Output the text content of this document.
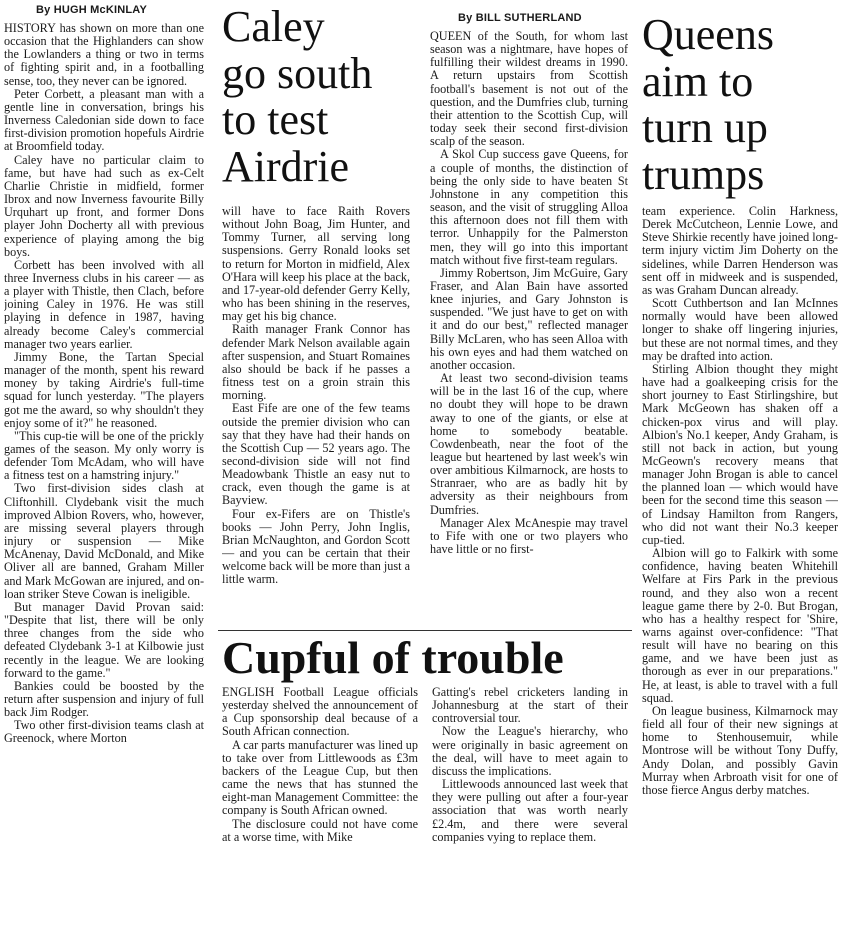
By HUGH McKINLAY Caley
go south
to test
Airdrie

HISTORY has shown on more than one occasion that the Highlanders can show the Lowlanders a thing or two in terms of fighting spirit and, in a footballing sense, too, they never can be ignored.

Peter Corbett, a pleasant man with a gentle line in conversation, brings his Inverness Caledonian side down to face first-division promotion hopefuls Airdrie at Broomfield today.

Caley have no particular claim to fame, but have had such as ex-Celt Charlie Christie in midfield, former Ibrox and now Inverness favourite Billy Urquhart up front, and former Dons player John Docherty all with previous experience of playing among the big boys.

Corbett has been involved with all three Inverness clubs in his career — as a player with Thistle, then Clach, before joining Caley in 1976. He was still playing in defence in 1987, having already become Caley's commercial manager two years earlier.

Jimmy Bone, the Tartan Special manager of the month, spent his reward money by taking Airdrie's full-time squad for lunch yesterday. "The players got me the award, so why shouldn't they enjoy some of it?" he reasoned.

"This cup-tie will be one of the prickly games of the season. My only worry is defender Tom McAdam, who will have a fitness test on a hamstring injury."

Two first-division sides clash at Cliftonhill. Clydebank visit the much improved Albion Rovers, who, however, are missing several players through injury or suspension — Mike McAnenay, David McDonald, and Mike Oliver all are banned, Graham Miller and Mark McGowan are injured, and on-loan striker Steve Cowan is ineligible.

But manager David Provan said: "Despite that list, there will be only three changes from the side who defeated Clydebank 3-1 at Kilbowie just recently in the league. We are looking forward to the game."

Bankies could be boosted by the return after suspension and injury of full back Jim Rodger.

Two other first-division teams clash at Greenock, where Morton

will have to face Raith Rovers without John Boag, Jim Hunter, and Tommy Turner, all serving long suspensions. Gerry Ronald looks set to return for Morton in midfield, Alex O'Hara will keep his place at the back, and 17-year-old defender Gerry Kelly, who has been shining in the reserves, may get his big chance.

Raith manager Frank Connor has defender Mark Nelson available again after suspension, and Stuart Romaines also should be back if he passes a fitness test on a groin strain this morning.

East Fife are one of the few teams outside the premier division who can say that they have had their hands on the Scottish Cup — 52 years ago. The second-division side will not find Meadowbank Thistle an easy nut to crack, even though the game is at Bayview.

Four ex-Fifers are on Thistle's books — John Perry, John Inglis, Brian McNaughton, and Gordon Scott — and you can be certain that their welcome back will be more than just a little warm.

By BILL SUTHERLAND Queens
aim to
turn up
trumps

QUEEN of the South, for whom last season was a nightmare, have hopes of fulfilling their wildest dreams in 1990. A return upstairs from Scottish football's basement is not out of the question, and the Dumfries club, turning their attention to the Scottish Cup, will today seek their second first-division scalp of the season.

A Skol Cup success gave Queens, for a couple of months, the distinction of being the only side to have beaten St Johnstone in any competition this season, and the visit of struggling Alloa this afternoon does not fill them with terror. Unhappily for the Palmerston men, they will go into this important match without five first-team regulars.

Jimmy Robertson, Jim McGuire, Gary Fraser, and Alan Bain have assorted knee injuries, and Gary Johnston is suspended. "We just have to get on with it and do our best," reflected manager Billy McLaren, who has seen Alloa with his own eyes and had them watched on another occasion.

At least two second-division teams will be in the last 16 of the cup, where no doubt they will hope to be drawn away to one of the giants, or else at home to somebody beatable. Cowdenbeath, near the foot of the league but heartened by last week's win over ambitious Kilmarnock, are hosts to Stranraer, who are as badly hit by adversity as their neighbours from Dumfries.

Manager Alex McAnespie may travel to Fife with one or two players who have little or no first-

team experience. Colin Harkness, Derek McCutcheon, Lennie Lowe, and Steve Shirkie recently have joined long-term injury victim Jim Doherty on the sidelines, while Darren Henderson was sent off in midweek and is suspended, as was Graham Duncan already.

Scott Cuthbertson and Ian McInnes normally would have been allowed longer to shake off lingering injuries, but these are not normal times, and they may be drafted into action.

Stirling Albion thought they might have had a goalkeeping crisis for the short journey to East Stirlingshire, but Mark McGeown has shaken off a chicken-pox virus and will play. Albion's No.1 keeper, Andy Graham, is still not back in action, but young McGeown's recovery means that manager John Brogan is able to cancel the planned loan — which would have been for the second time this season — of Lindsay Hamilton from Rangers, who did not want their No.3 keeper cup-tied.

Albion will go to Falkirk with some confidence, having beaten Whitehill Welfare at Firs Park in the previous round, and they also won a recent league game there by 2-0. But Brogan, who has a healthy respect for 'Shire, warns against over-confidence: "That result will have no bearing on this game, and we have been just as thorough as ever in our preparations." He, at least, is able to travel with a full squad.

On league business, Kilmarnock may field all four of their new signings at home to Stenhousemuir, while Montrose will be without Tony Duffy, Andy Dolan, and possibly Gavin Murray when Arbroath visit for one of those fierce Angus derby matches.

Cupful of trouble

ENGLISH Football League officials yesterday shelved the announcement of a Cup sponsorship deal because of a South African connection.

A car parts manufacturer was lined up to take over from Littlewoods as £3m backers of the League Cup, but then came the news that has stunned the eight-man Management Committee: the company is South African owned.

The disclosure could not have come at a worse time, with Mike

Gatting's rebel cricketers landing in Johannesburg at the start of their controversial tour.

Now the League's hierarchy, who were originally in basic agreement on the deal, will have to meet again to discuss the implications.

Littlewoods announced last week that they were pulling out after a four-year association that was worth nearly £2.4m, and there were several companies vying to replace them.
